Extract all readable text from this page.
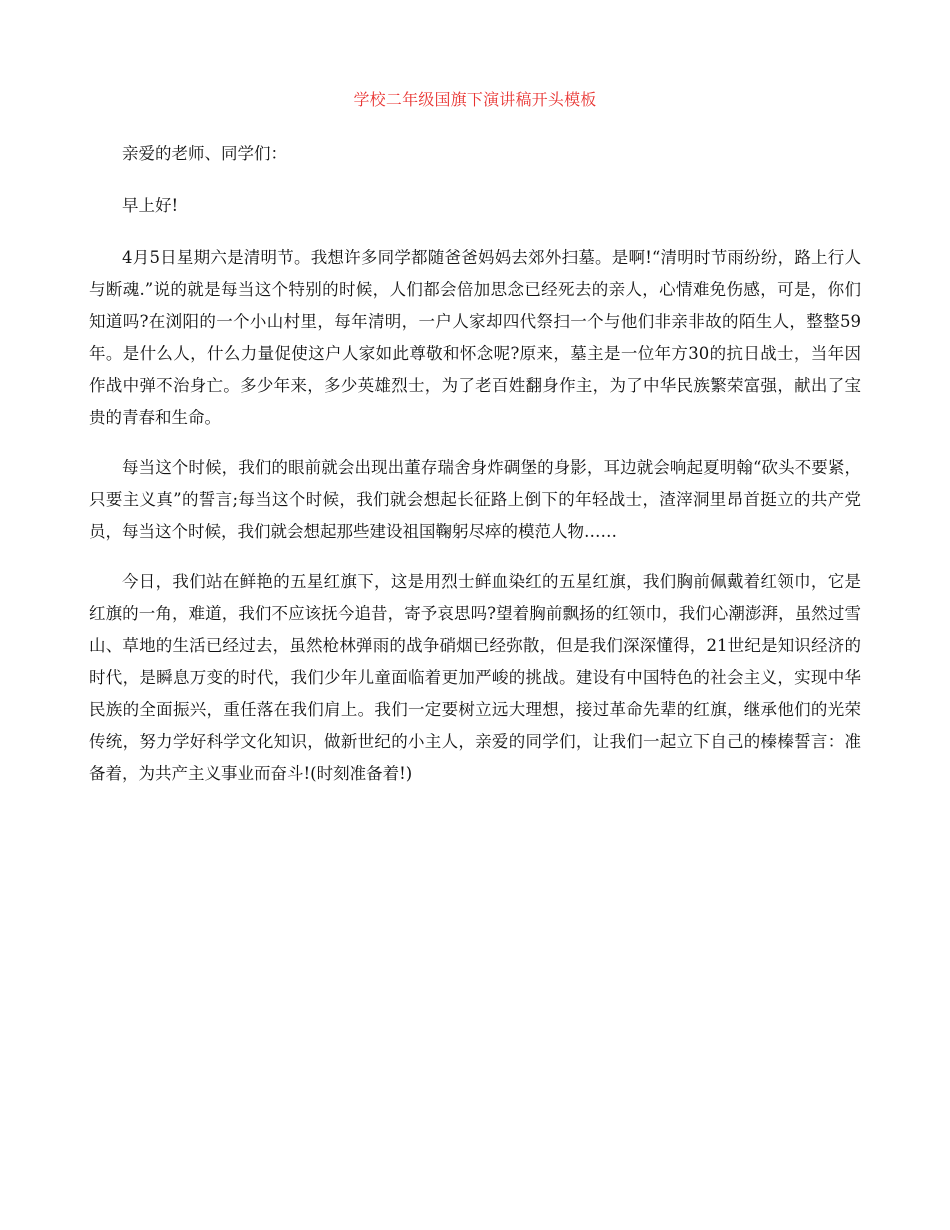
学校二年级国旗下演讲稿开头模板

亲爱的老师、同学们：

早上好!

4月5日星期六是清明节。我想许多同学都随爸爸妈妈去郊外扫墓。是啊!“清明时节雨纷纷，路上行人与断魂.”说的就是每当这个特别的时候，人们都会倍加思念已经死去的亲人，心情难免伤感，可是，你们知道吗?在浏阳的一个小山村里，每年清明，一户人家却四代祭扫一个与他们非亲非故的陌生人，整整59年。是什么人，什么力量促使这户人家如此尊敬和怀念呢?原来，墓主是一位年方30的抗日战士，当年因作战中弹不治身亡。多少年来，多少英雄烈士，为了老百姓翻身作主，为了中华民族繁荣富强，献出了宝贵的青春和生命。

每当这个时候，我们的眼前就会出现出董存瑞舍身炸碉堡的身影，耳边就会响起夏明翰“砍头不要紧，只要主义真”的誓言;每当这个时候，我们就会想起长征路上倒下的年轻战士，渣滓洞里昂首挺立的共产党员，每当这个时候，我们就会想起那些建设祖国鞠躬尽瘁的模范人物……

今日，我们站在鲜艳的五星红旗下，这是用烈士鲜血染红的五星红旗，我们胸前佩戴着红领巾，它是红旗的一角，难道，我们不应该抚今追昔，寄予哀思吗?望着胸前飘扬的红领巾，我们心潮澎湃，虽然过雪山、草地的生活已经过去，虽然枪林弹雨的战争硝烟已经弥散，但是我们深深懂得，21世纪是知识经济的时代，是瞬息万变的时代，我们少年儿童面临着更加严峻的挑战。建设有中国特色的社会主义，实现中华民族的全面振兴，重任落在我们肩上。我们一定要树立远大理想，接过革命先辈的红旗，继承他们的光荣传统，努力学好科学文化知识，做新世纪的小主人，亲爱的同学们，让我们一起立下自己的榛榛誓言：准备着，为共产主义事业而奋斗!(时刻准备着!)
